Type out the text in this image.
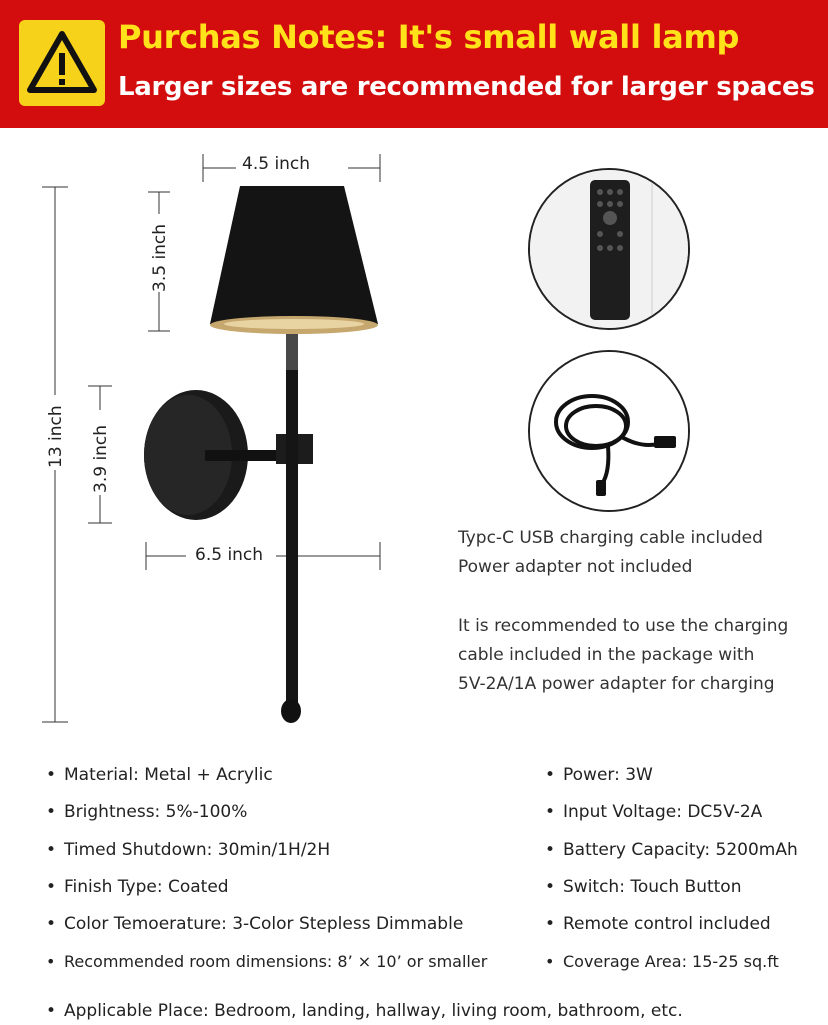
Purchas Notes: It's small wall lamp
Larger sizes are recommended for larger spaces
4.5 inch
3.5 inch
13 inch 3.9 inch
6.5 inch
Typc-C USB charging cable included
Power adapter not included
It is recommended to use the charging
cable included in the package with
5V-2A/1A power adapter for charging
• Material: Metal + Acrylic
• Brightness: 5%-100%
• Timed Shutdown: 30min/1H/2H
• Finish Type: Coated
• Color Temoerature: 3-Color Stepless Dimmable
• Recommended room dimensions: 8’ × 10’ or smaller
• Power: 3W
• Input Voltage: DC5V-2A
• Battery Capacity: 5200mAh
• Switch: Touch Button
• Remote control included
• Coverage Area: 15-25 sq.ft
• Applicable Place: Bedroom, landing, hallway, living room, bathroom, etc.
